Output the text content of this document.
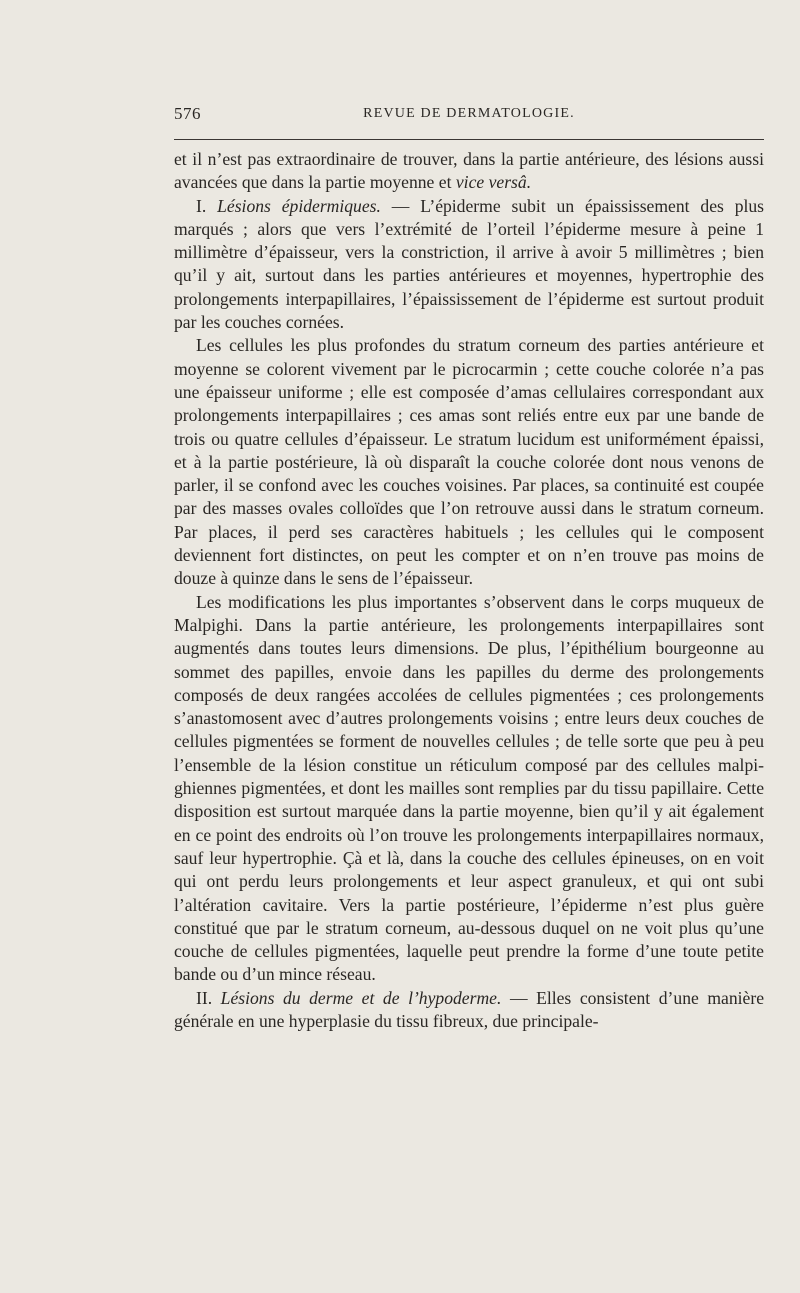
576	REVUE DE DERMATOLOGIE.

et il n’est pas extraordinaire de trouver, dans la partie antérieure, des lésions aussi avancées que dans la partie moyenne et vice versâ.

I. Lésions épidermiques. — L’épiderme subit un épaississement des plus marqués ; alors que vers l’extrémité de l’orteil l’épiderme mesure à peine 1 millimètre d’épaisseur, vers la constriction, il arrive à avoir 5 millimètres ; bien qu’il y ait, surtout dans les parties antérieures et moyennes, hypertrophie des prolongements interpapillaires, l’épaississement de l’épiderme est surtout produit par les couches cornées.

Les cellules les plus profondes du stratum corneum des parties antérieure et moyenne se colorent vivement par le picrocarmin ; cette couche colorée n’a pas une épaisseur uniforme ; elle est composée d’amas cellulaires correspondant aux prolongements interpapillaires ; ces amas sont reliés entre eux par une bande de trois ou quatre cellules d’épaisseur. Le stratum lucidum est uniformément épaissi, et à la partie postérieure, là où disparaît la couche colorée dont nous venons de parler, il se confond avec les couches voisines. Par places, sa continuité est coupée par des masses ovales colloïdes que l’on retrouve aussi dans le stratum corneum. Par places, il perd ses caractères habituels ; les cellules qui le composent deviennent fort distinctes, on peut les compter et on n’en trouve pas moins de douze à quinze dans le sens de l’épaisseur.

Les modifications les plus importantes s’observent dans le corps muqueux de Malpighi. Dans la partie antérieure, les prolongements interpapillaires sont augmentés dans toutes leurs dimensions. De plus, l’épithélium bourgeonne au sommet des papilles, envoie dans les papilles du derme des prolongements composés de deux rangées accolées de cellules pigmentées ; ces prolongements s’anastomosent avec d’autres prolongements voisins ; entre leurs deux couches de cellules pigmentées se forment de nouvelles cellules ; de telle sorte que peu à peu l’ensemble de la lésion constitue un réticulum composé par des cellules malpighiennes pigmentées, et dont les mailles sont remplies par du tissu papillaire. Cette disposition est surtout marquée dans la partie moyenne, bien qu’il y ait également en ce point des endroits où l’on trouve les prolongements interpapillaires normaux, sauf leur hypertrophie. Çà et là, dans la couche des cellules épineuses, on en voit qui ont perdu leurs prolongements et leur aspect granuleux, et qui ont subi l’altération cavitaire. Vers la partie postérieure, l’épiderme n’est plus guère constitué que par le stratum corneum, au-dessous duquel on ne voit plus qu’une couche de cellules pigmentées, laquelle peut prendre la forme d’une toute petite bande ou d’un mince réseau.

II. Lésions du derme et de l’hypoderme. — Elles consistent d’une manière générale en une hyperplasie du tissu fibreux, due principale-
